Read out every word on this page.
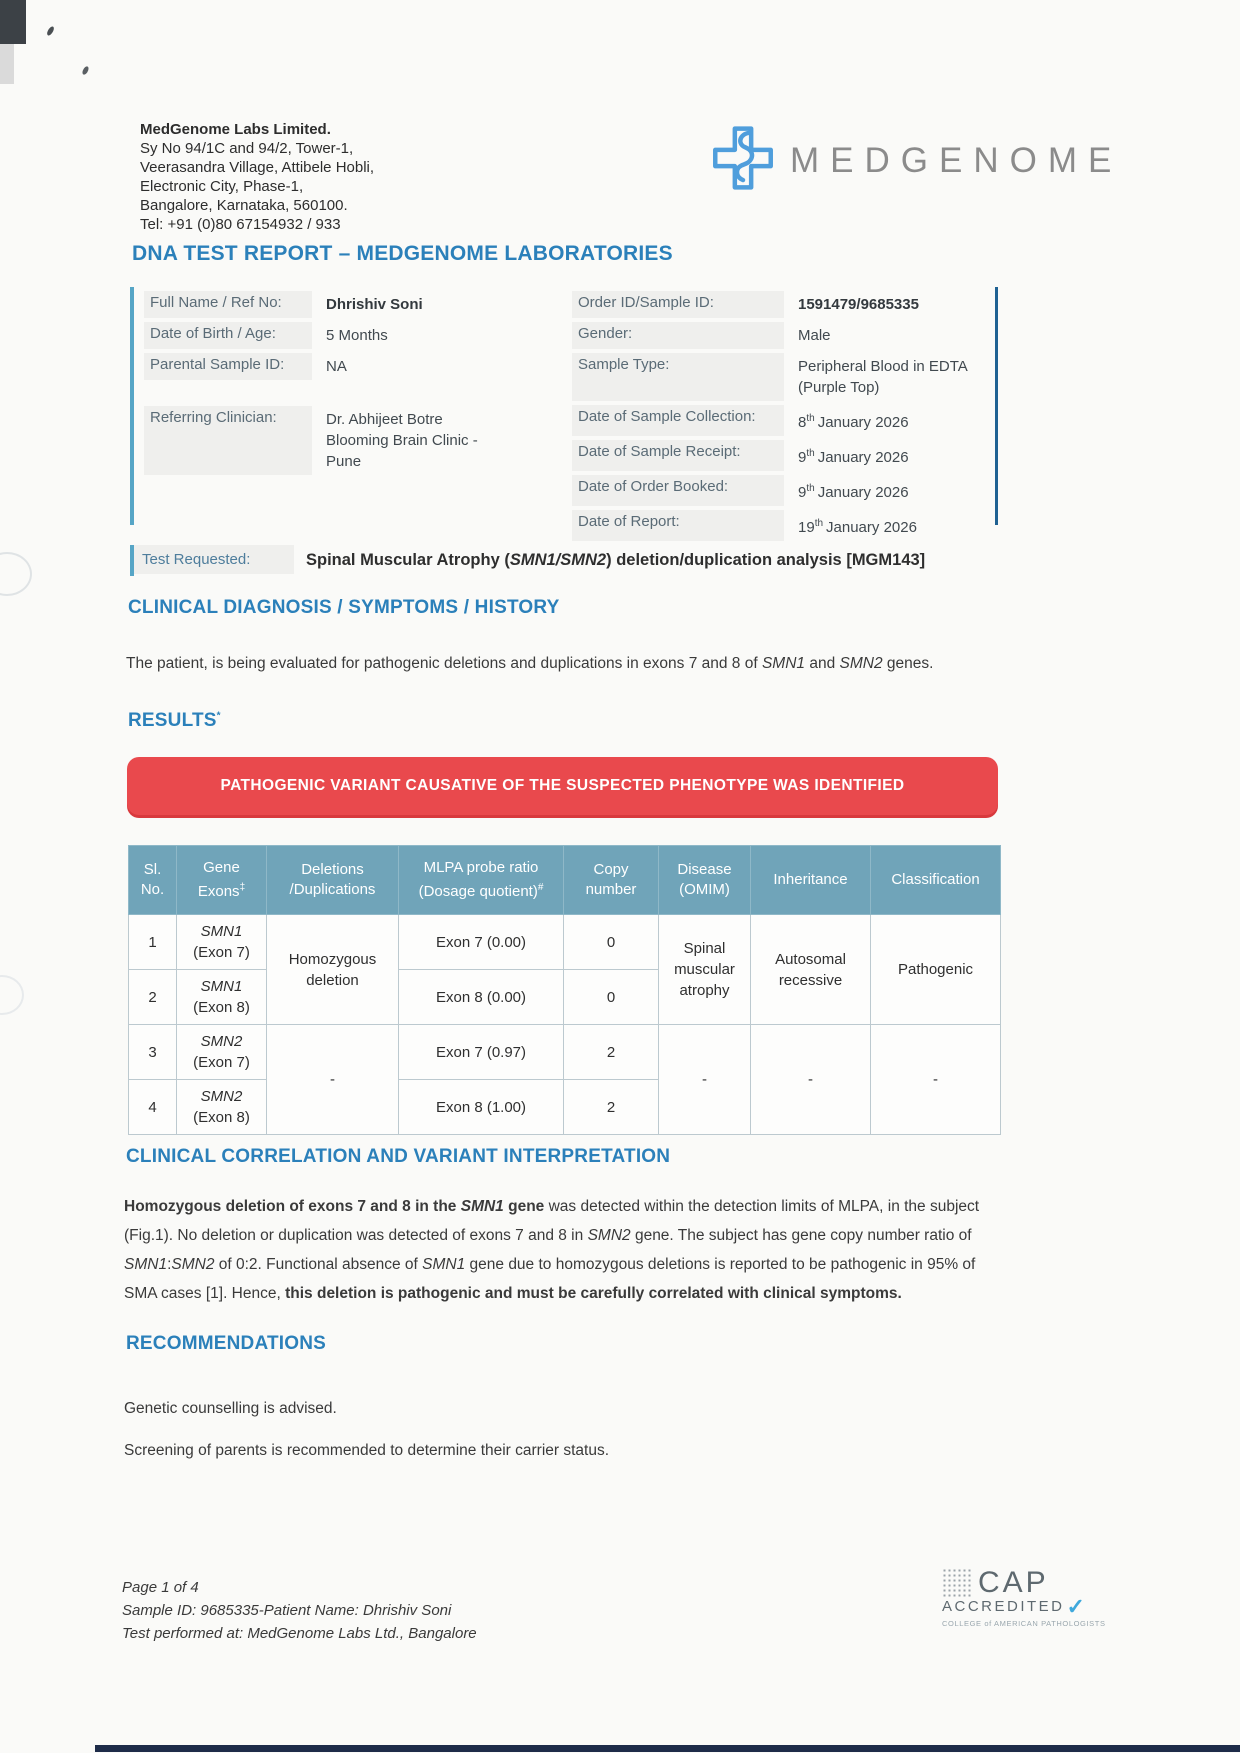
MedGenome Labs Limited.
Sy No 94/1C and 94/2, Tower-1,
Veerasandra Village, Attibele Hobli,
Electronic City, Phase-1,
Bangalore, Karnataka, 560100.
Tel: +91 (0)80 67154932 / 933
MEDGENOME
DNA TEST REPORT – MEDGENOME LABORATORIES
Full Name / Ref No:	Dhrishiv Soni
Date of Birth / Age:	5 Months
Parental Sample ID:	NA
Referring Clinician:	Dr. Abhijeet Botre
Blooming Brain Clinic -
Pune
Order ID/Sample ID:	1591479/9685335
Gender:	Male
Sample Type:	Peripheral Blood in EDTA (Purple Top)
Date of Sample Collection:	8th January 2026
Date of Sample Receipt:	9th January 2026
Date of Order Booked:	9th January 2026
Date of Report:	19th January 2026
Test Requested:	Spinal Muscular Atrophy (SMN1/SMN2) deletion/duplication analysis [MGM143]
CLINICAL DIAGNOSIS / SYMPTOMS / HISTORY
The patient, is being evaluated for pathogenic deletions and duplications in exons 7 and 8 of SMN1 and SMN2 genes.
RESULTS*
PATHOGENIC VARIANT CAUSATIVE OF THE SUSPECTED PHENOTYPE WAS IDENTIFIED
Sl. No.	Gene Exons‡	Deletions /Duplications	MLPA probe ratio (Dosage quotient)#	Copy number	Disease (OMIM)	Inheritance	Classification
1	SMN1
(Exon 7)	Homozygous deletion	Exon 7 (0.00)	0	Spinal muscular atrophy	Autosomal recessive	Pathogenic
2	SMN1
(Exon 8)		Exon 8 (0.00)	0			
3	SMN2
(Exon 7)	-	Exon 7 (0.97)	2	-	-	-
4	SMN2
(Exon 8)		Exon 8 (1.00)	2			
CLINICAL CORRELATION AND VARIANT INTERPRETATION
Homozygous deletion of exons 7 and 8 in the SMN1 gene was detected within the detection limits of MLPA, in the subject (Fig.1). No deletion or duplication was detected of exons 7 and 8 in SMN2 gene. The subject has gene copy number ratio of SMN1:SMN2 of 0:2. Functional absence of SMN1 gene due to homozygous deletions is reported to be pathogenic in 95% of SMA cases [1]. Hence, this deletion is pathogenic and must be carefully correlated with clinical symptoms.
RECOMMENDATIONS
Genetic counselling is advised.
Screening of parents is recommended to determine their carrier status.
Page 1 of 4
Sample ID: 9685335-Patient Name: Dhrishiv Soni
Test performed at: MedGenome Labs Ltd., Bangalore
CAP
ACCREDITED ✓
COLLEGE of AMERICAN PATHOLOGISTS
